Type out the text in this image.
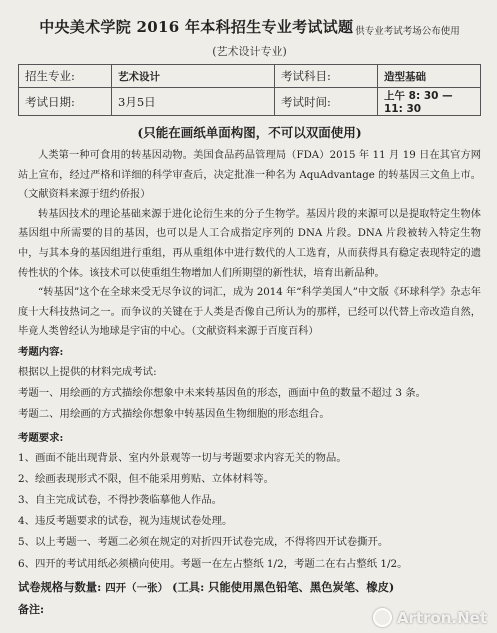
中央美术学院 2016 年本科招生专业考试试题 供专业考试考场公布使用
(艺术设计专业)
招生专业:	艺术设计	考试科目:	造型基础
考试日期:	3月5日	考试时间:	上午 8: 30 — 11: 30
(只能在画纸单面构图，不可以双面使用)

人类第一种可食用的转基因动物。美国食品药品管理局（FDA）2015 年 11 月 19 日在其官方网站上宣布，经过严格和详细的科学审查后，决定批准一种名为 AquAdvantage 的转基因三文鱼上市。（文献资料来源于纽约侨报）

转基因技术的理论基础来源于进化论衍生来的分子生物学。基因片段的来源可以是提取特定生物体基因组中所需要的目的基因，也可以是人工合成指定序列的 DNA 片段。DNA 片段被转入特定生物中，与其本身的基因组进行重组，再从重组体中进行数代的人工选育，从而获得具有稳定表现特定的遗传性状的个体。该技术可以使重组生物增加人们所期望的新性状，培育出新品种。

“转基因”这个在全球来受无尽争议的词汇，成为 2014 年“科学美国人”中文版《环球科学》杂志年度十大科技热词之一。而争议的关键在于人类是否像自己所认为的那样，已经可以代替上帝改造自然，毕竟人类曾经认为地球是宇宙的中心。（文献资料来源于百度百科）

考题内容:
根据以上提供的材料完成考试:
考题一、用绘画的方式描绘你想象中未来转基因鱼的形态，画面中鱼的数量不超过 3 条。
考题二、用绘画的方式描绘你想象中转基因鱼生物细胞的形态组合。
考题要求:
1、画面不能出现背景、室内外景观等一切与考题要求内容无关的物品。
2、绘画表现形式不限，但不能采用剪贴、立体材料等。
3、自主完成试卷，不得抄袭临摹他人作品。
4、违反考题要求的试卷，视为违规试卷处理。
5、以上考题一、考题二必须在规定的对折四开试卷完成，不得将四开试卷撕开。
6、四开的考试用纸必须横向使用。考题一在左占整纸 1/2，考题二在右占整纸 1/2。
试卷规格与数量: 四开（一张） (工具: 只能使用黑色铅笔、黑色炭笔、橡皮)
备注:	Artron.Net
